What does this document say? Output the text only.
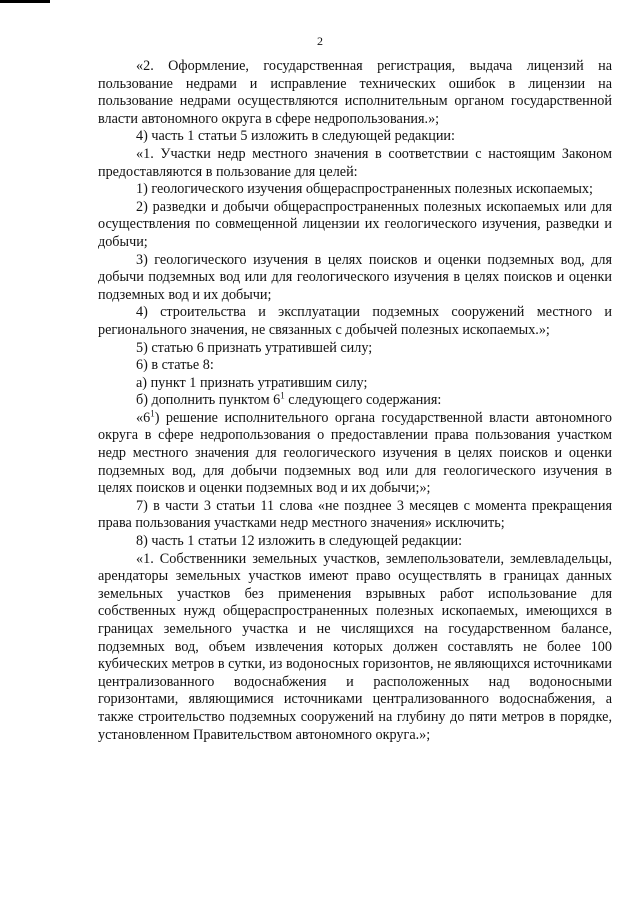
2

«2. Оформление, государственная регистрация, выдача лицензий на пользование недрами и исправление технических ошибок в лицензии на пользование недрами осуществляются исполнительным органом государственной власти автономного округа в сфере недропользования.»;

4) часть 1 статьи 5 изложить в следующей редакции:

«1. Участки недр местного значения в соответствии с настоящим Законом предоставляются в пользование для целей:

1) геологического изучения общераспространенных полезных ископаемых;

2) разведки и добычи общераспространенных полезных ископаемых или для осуществления по совмещенной лицензии их геологического изучения, разведки и добычи;

3) геологического изучения в целях поисков и оценки подземных вод, для добычи подземных вод или для геологического изучения в целях поисков и оценки подземных вод и их добычи;

4) строительства и эксплуатации подземных сооружений местного и регионального значения, не связанных с добычей полезных ископаемых.»;

5) статью 6 признать утратившей силу;

6) в статье 8:

а) пункт 1 признать утратившим силу;

б) дополнить пунктом $6^1$ следующего содержания:

«$6^1$) решение исполнительного органа государственной власти автономного округа в сфере недропользования о предоставлении права пользования участком недр местного значения для геологического изучения в целях поисков и оценки подземных вод, для добычи подземных вод или для геологического изучения в целях поисков и оценки подземных вод и их добычи;»;

7) в части 3 статьи 11 слова «не позднее 3 месяцев с момента прекращения права пользования участками недр местного значения» исключить;

8) часть 1 статьи 12 изложить в следующей редакции:

«1. Собственники земельных участков, землепользователи, землевладельцы, арендаторы земельных участков имеют право осуществлять в границах данных земельных участков без применения взрывных работ использование для собственных нужд общераспространенных полезных ископаемых, имеющихся в границах земельного участка и не числящихся на государственном балансе, подземных вод, объем извлечения которых должен составлять не более 100 кубических метров в сутки, из водоносных горизонтов, не являющихся источниками централизованного водоснабжения и расположенных над водоносными горизонтами, являющимися источниками централизованного водоснабжения, а также строительство подземных сооружений на глубину до пяти метров в порядке, установленном Правительством автономного округа.»;
